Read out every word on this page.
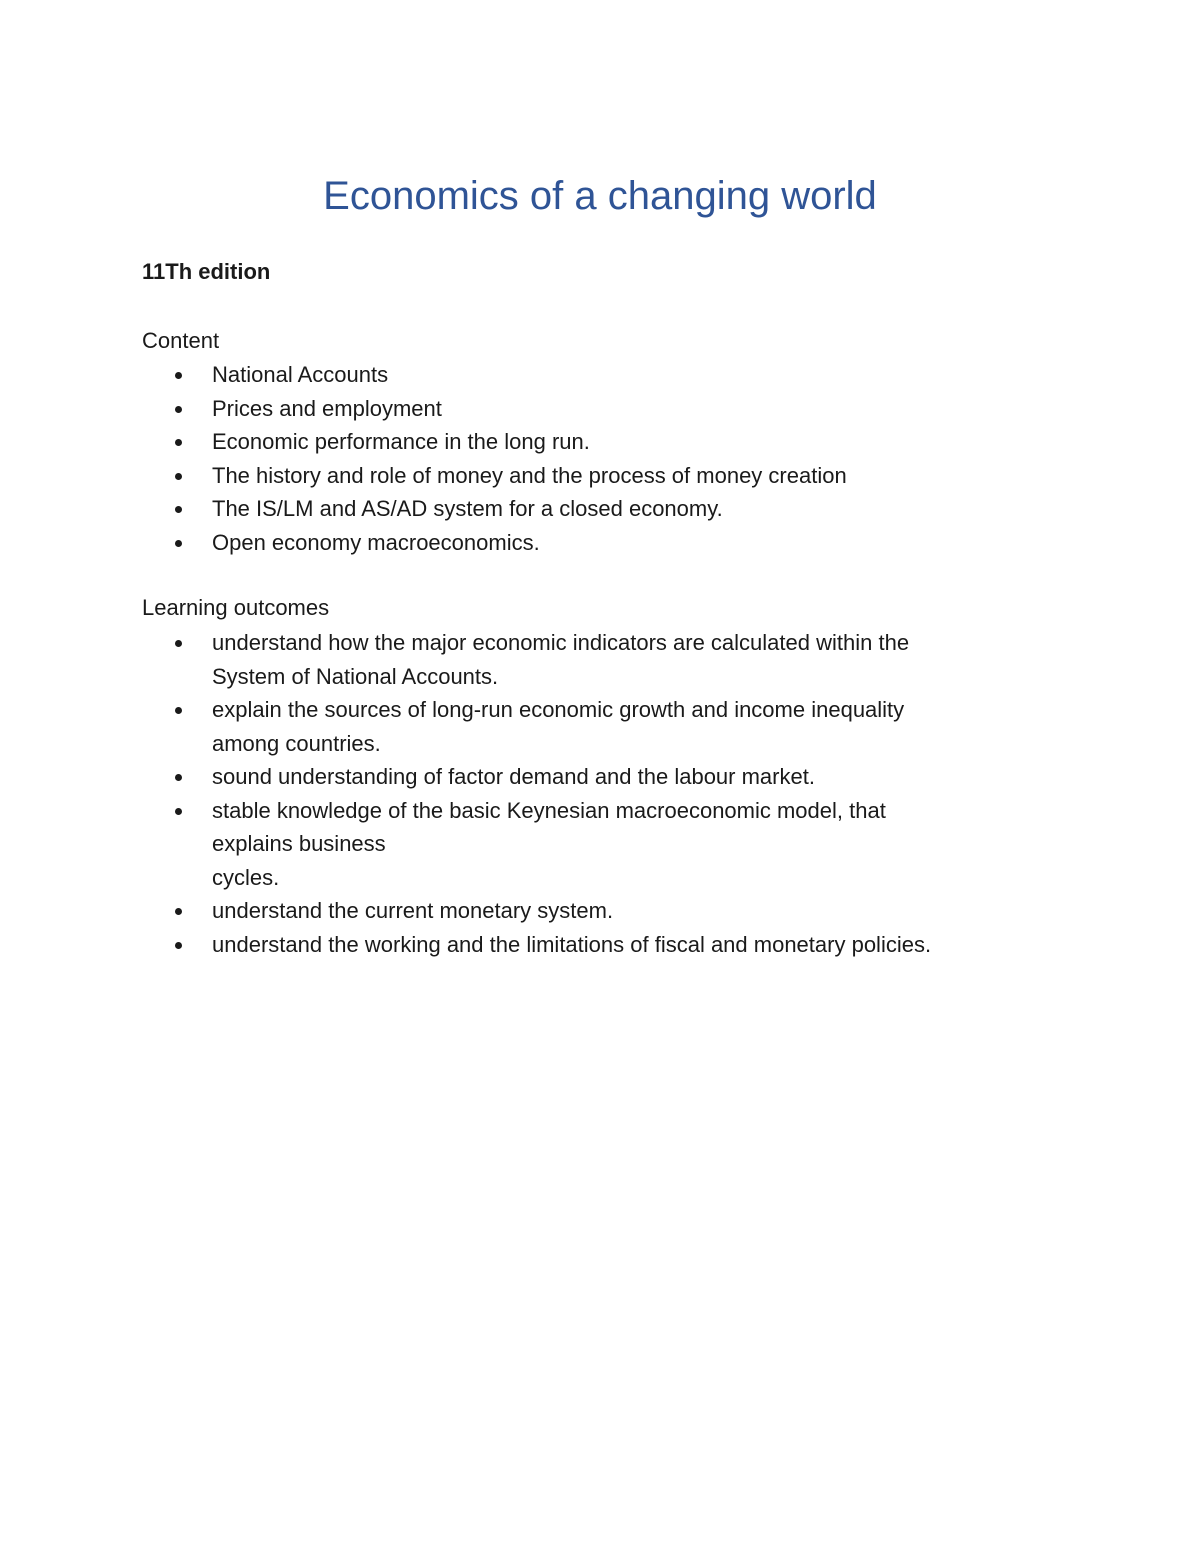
Economics of a changing world

11Th edition

Content

National Accounts
Prices and employment
Economic performance in the long run.
The history and role of money and the process of money creation
The IS/LM and AS/AD system for a closed economy.
Open economy macroeconomics.

Learning outcomes

understand how the major economic indicators are calculated within the
System of National Accounts.
explain the sources of long-run economic growth and income inequality
among countries.
sound understanding of factor demand and the labour market.
stable knowledge of the basic Keynesian macroeconomic model, that
explains business
cycles.
understand the current monetary system.
understand the working and the limitations of fiscal and monetary policies.
